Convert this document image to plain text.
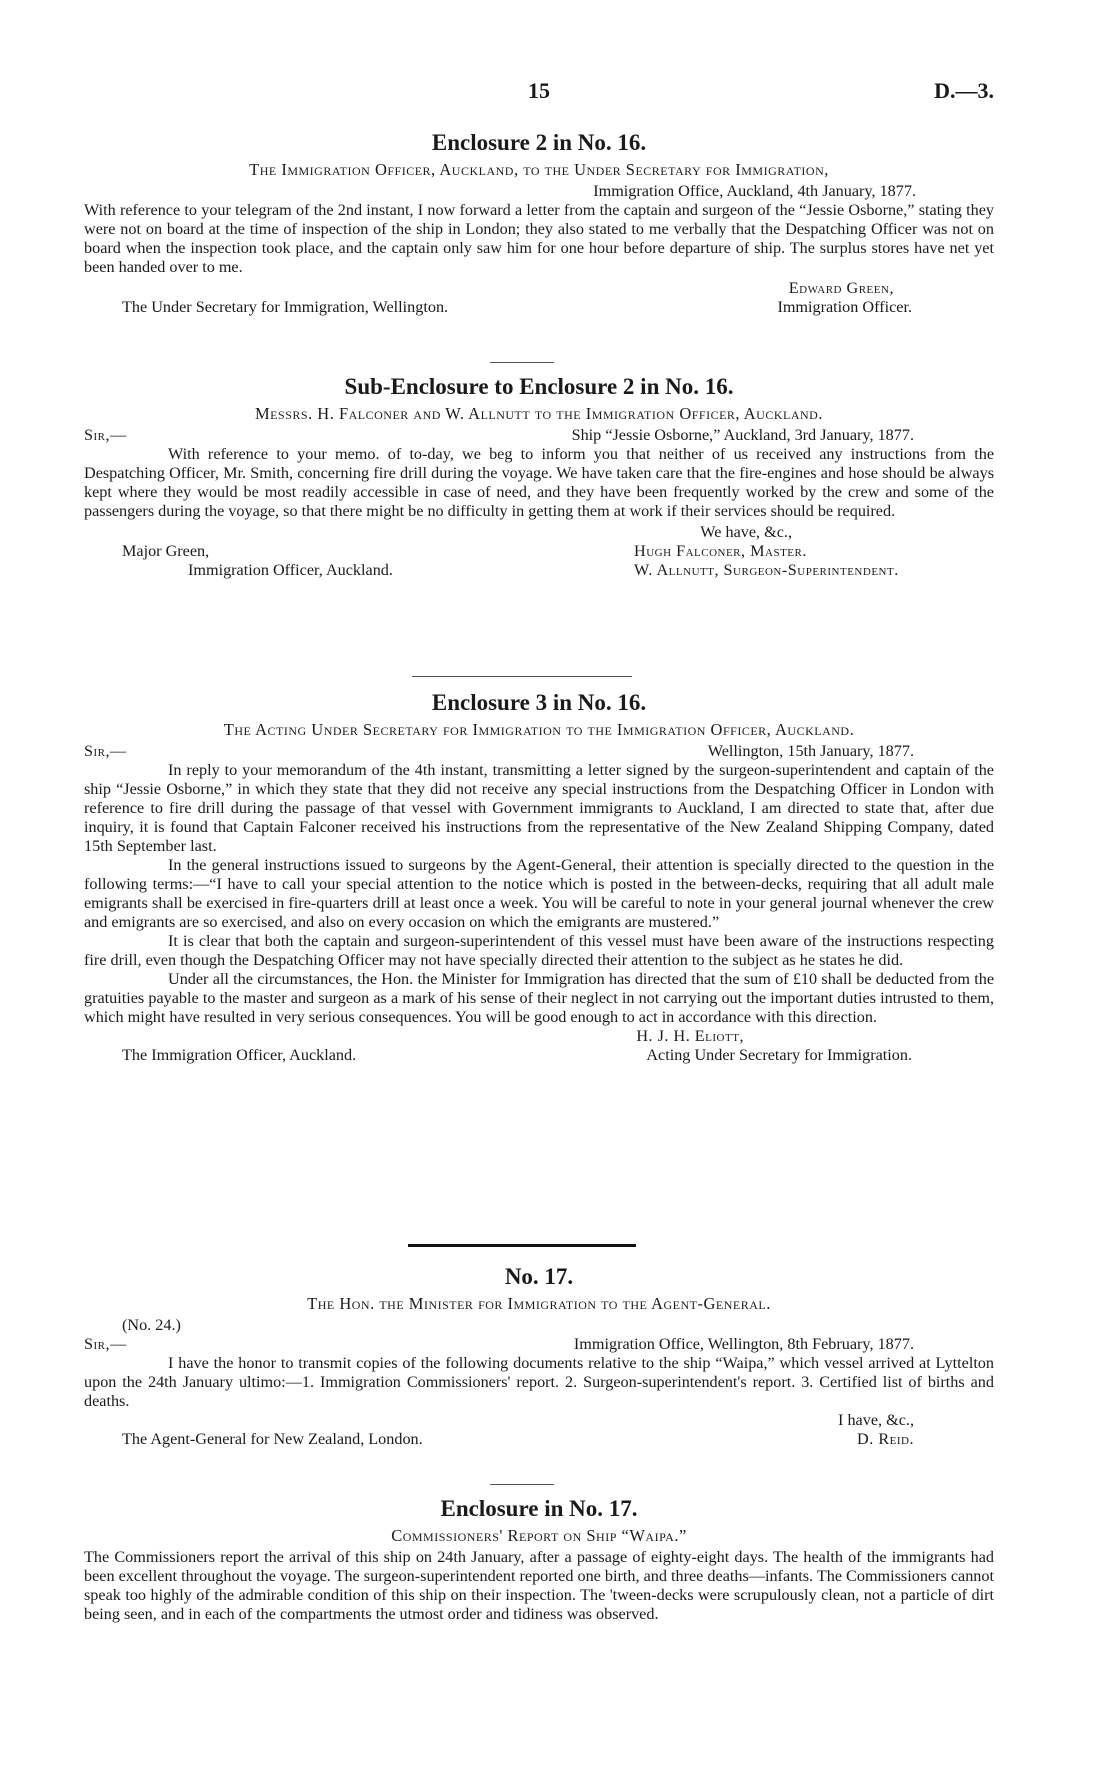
15	D.—3.
Enclosure 2 in No. 16.
The Immigration Officer, Auckland, to the Under Secretary for Immigration,
Immigration Office, Auckland, 4th January, 1877.

With reference to your telegram of the 2nd instant, I now forward a letter from the captain and surgeon of the “Jessie Osborne,” stating they were not on board at the time of inspection of the ship in London; they also stated to me verbally that the Despatching Officer was not on board when the inspection took place, and the captain only saw him for one hour before departure of ship. The surplus stores have net yet been handed over to me.

Edward Green,
The Under Secretary for Immigration, Wellington.	Immigration Officer.
Sub-Enclosure to Enclosure 2 in No. 16.
Messrs. H. Falconer and W. Allnutt to the Immigration Officer, Auckland.
Sir,—	Ship “Jessie Osborne,” Auckland, 3rd January, 1877.

With reference to your memo. of to-day, we beg to inform you that neither of us received any instructions from the Despatching Officer, Mr. Smith, concerning fire drill during the voyage. We have taken care that the fire-engines and hose should be always kept where they would be most readily accessible in case of need, and they have been frequently worked by the crew and some of the passengers during the voyage, so that there might be no difficulty in getting them at work if their services should be required.

We have, &c.,
Major Green,	Hugh Falconer, Master.
Immigration Officer, Auckland.	W. Allnutt, Surgeon-Superintendent.
Enclosure 3 in No. 16.
The Acting Under Secretary for Immigration to the Immigration Officer, Auckland.
Sir,—	Wellington, 15th January, 1877.

In reply to your memorandum of the 4th instant, transmitting a letter signed by the surgeon-superintendent and captain of the ship “Jessie Osborne,” in which they state that they did not receive any special instructions from the Despatching Officer in London with reference to fire drill during the passage of that vessel with Government immigrants to Auckland, I am directed to state that, after due inquiry, it is found that Captain Falconer received his instructions from the representative of the New Zealand Shipping Company, dated 15th September last.

In the general instructions issued to surgeons by the Agent-General, their attention is specially directed to the question in the following terms:—“I have to call your special attention to the notice which is posted in the between-decks, requiring that all adult male emigrants shall be exercised in fire-quarters drill at least once a week. You will be careful to note in your general journal whenever the crew and emigrants are so exercised, and also on every occasion on which the emigrants are mustered.”

It is clear that both the captain and surgeon-superintendent of this vessel must have been aware of the instructions respecting fire drill, even though the Despatching Officer may not have specially directed their attention to the subject as he states he did.

Under all the circumstances, the Hon. the Minister for Immigration has directed that the sum of £10 shall be deducted from the gratuities payable to the master and surgeon as a mark of his sense of their neglect in not carrying out the important duties intrusted to them, which might have resulted in very serious consequences. You will be good enough to act in accordance with this direction.

H. J. H. Eliott,
The Immigration Officer, Auckland.	Acting Under Secretary for Immigration.
No. 17.
The Hon. the Minister for Immigration to the Agent-General.
(No. 24.)
Sir,—	Immigration Office, Wellington, 8th February, 1877.

I have the honor to transmit copies of the following documents relative to the ship “Waipa,” which vessel arrived at Lyttelton upon the 24th January ultimo:—1. Immigration Commissioners' report. 2. Surgeon-superintendent's report. 3. Certified list of births and deaths.

I have, &c.,
The Agent-General for New Zealand, London.	D. Reid.
Enclosure in No. 17.
Commissioners' Report on Ship “Waipa.”

The Commissioners report the arrival of this ship on 24th January, after a passage of eighty-eight days. The health of the immigrants had been excellent throughout the voyage. The surgeon-superintendent reported one birth, and three deaths—infants. The Commissioners cannot speak too highly of the admirable condition of this ship on their inspection. The 'tween-decks were scrupulously clean, not a particle of dirt being seen, and in each of the compartments the utmost order and tidiness was observed.
